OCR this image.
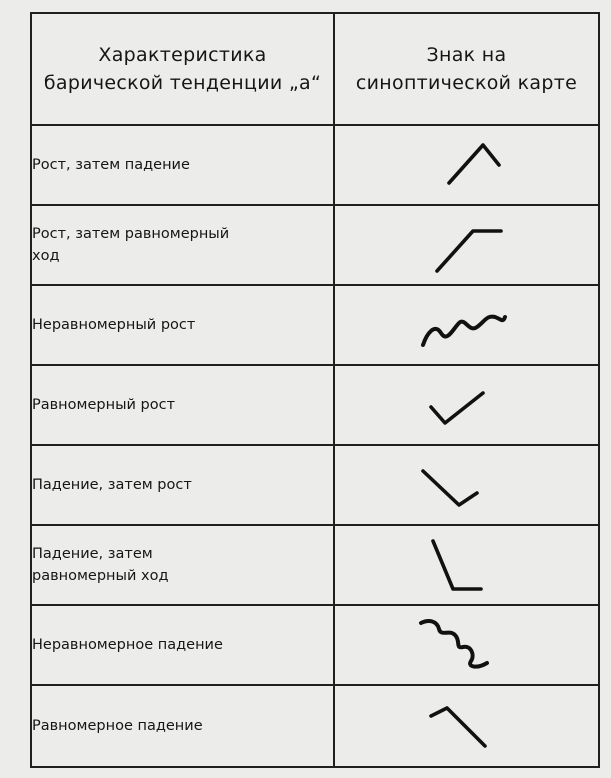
Характеристика
барической тенденции „а“	Знак на
синоптической карте
Рост, затем падение	

Рост, затем равномерный
ход	

Неравномерный рост	

Равномерный рост	

Падение, затем рост	

Падение, затем
равномерный ход	

Неравномерное падение	

Равномерное падение	
